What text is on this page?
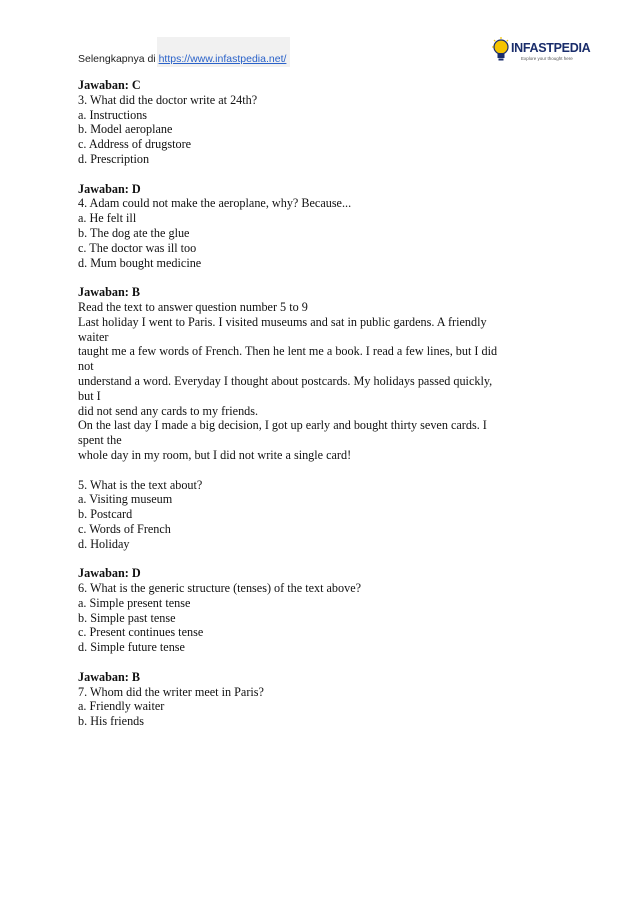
Selengkapnya di https://www.infastpedia.net/
INFASTPEDIA
Explore your thought here

Jawaban: C

3. What did the doctor write at 24th?

a. Instructions

b. Model aeroplane

c. Address of drugstore

d. Prescription

Jawaban: D

4. Adam could not make the aeroplane, why? Because...

a. He felt ill

b. The dog ate the glue

c. The doctor was ill too

d. Mum bought medicine

Jawaban: B

Read the text to answer question number 5 to 9

Last holiday I went to Paris. I visited museums and sat in public gardens. A friendly

waiter

taught me a few words of French. Then he lent me a book. I read a few lines, but I did

not

understand a word. Everyday I thought about postcards. My holidays passed quickly,

but I

did not send any cards to my friends.

On the last day I made a big decision, I got up early and bought thirty seven cards. I

spent the

whole day in my room, but I did not write a single card!

5. What is the text about?

a. Visiting museum

b. Postcard

c. Words of French

d. Holiday

Jawaban: D

6. What is the generic structure (tenses) of the text above?

a. Simple present tense

b. Simple past tense

c. Present continues tense

d. Simple future tense

Jawaban: B

7. Whom did the writer meet in Paris?

a. Friendly waiter

b. His friends
